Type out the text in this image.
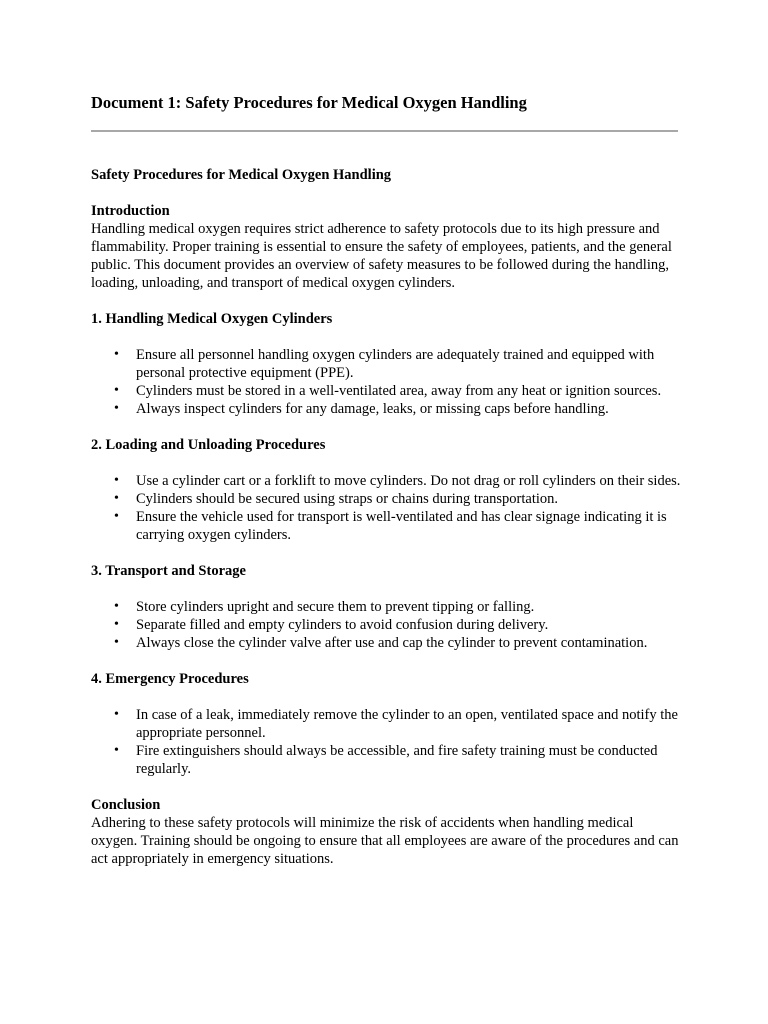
Document 1: Safety Procedures for Medical Oxygen Handling

Safety Procedures for Medical Oxygen Handling

Introduction

Handling medical oxygen requires strict adherence to safety protocols due to its high pressure and flammability. Proper training is essential to ensure the safety of employees, patients, and the general public. This document provides an overview of safety measures to be followed during the handling, loading, unloading, and transport of medical oxygen cylinders.

1. Handling Medical Oxygen Cylinders
• Ensure all personnel handling oxygen cylinders are adequately trained and equipped with personal protective equipment (PPE).
• Cylinders must be stored in a well-ventilated area, away from any heat or ignition sources.
• Always inspect cylinders for any damage, leaks, or missing caps before handling.
2. Loading and Unloading Procedures
• Use a cylinder cart or a forklift to move cylinders. Do not drag or roll cylinders on their sides.
• Cylinders should be secured using straps or chains during transportation.
• Ensure the vehicle used for transport is well-ventilated and has clear signage indicating it is carrying oxygen cylinders.
3. Transport and Storage
• Store cylinders upright and secure them to prevent tipping or falling.
• Separate filled and empty cylinders to avoid confusion during delivery.
• Always close the cylinder valve after use and cap the cylinder to prevent contamination.
4. Emergency Procedures
• In case of a leak, immediately remove the cylinder to an open, ventilated space and notify the appropriate personnel.
• Fire extinguishers should always be accessible, and fire safety training must be conducted regularly.

Conclusion

Adhering to these safety protocols will minimize the risk of accidents when handling medical oxygen. Training should be ongoing to ensure that all employees are aware of the procedures and can act appropriately in emergency situations.
